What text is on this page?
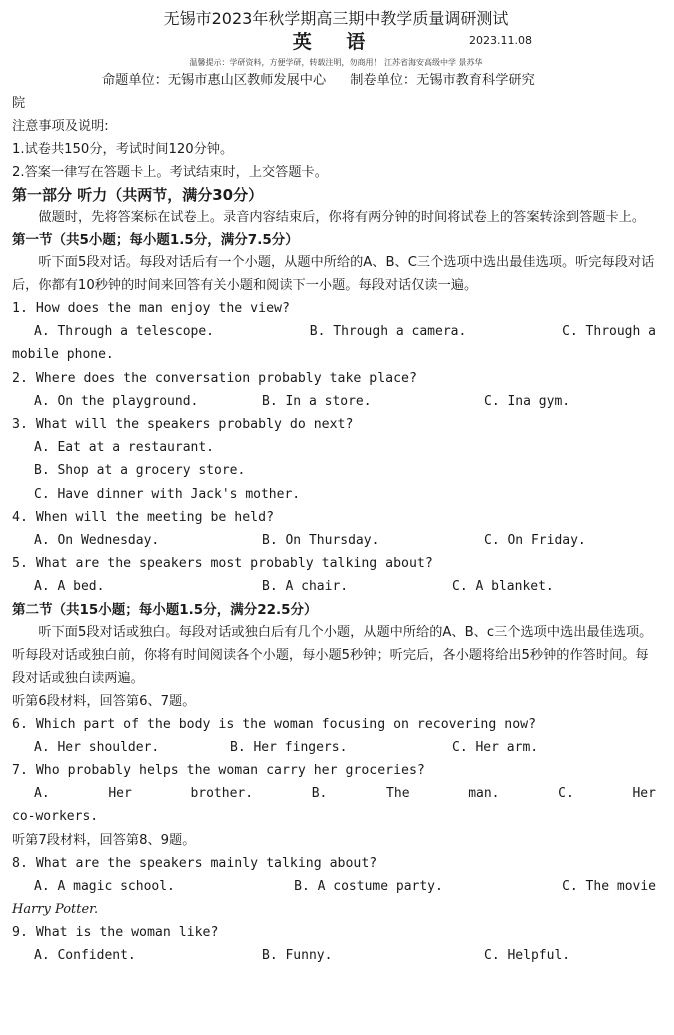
无锡市2023年秋学期高三期中教学质量调研测试
英 语	2023.11.08
温馨提示：学研资料，方便学研，转载注明，勿商用！ 江苏省海安高级中学 景苏华
命题单位：无锡市惠山区教师发展中心 制卷单位：无锡市教育科学研究

院

注意事项及说明:

1.试卷共150分，考试时间120分钟。

2.答案一律写在答题卡上。考试结束时，上交答题卡。

第一部分 听力（共两节，满分30分）

做题时，先将答案标在试卷上。录音内容结束后，你将有两分钟的时间将试卷上的答案转涂到答题卡上。

第一节（共5小题；每小题1.5分，满分7.5分）

听下面5段对话。每段对话后有一个小题，从题中所给的A、B、C三个选项中选出最佳选项。听完每段对话后，你都有10秒钟的时间来回答有关小题和阅读下一小题。每段对话仅读一遍。

1. How does the man enjoy the view?

A. Through a telescope.	B. Through a camera.	C. Through a

mobile phone.

2. Where does the conversation probably take place?

A. On the playground.	B. In a store.	C. Ina gym.

3. What will the speakers probably do next?

A. Eat at a restaurant.

B. Shop at a grocery store.

C. Have dinner with Jack's mother.

4. When will the meeting be held?

A. On Wednesday.	B. On Thursday.	C. On Friday.

5. What are the speakers most probably talking about?

A. A bed.	B. A chair.	C. A blanket.

第二节（共15小题；每小题1.5分，满分22.5分）

听下面5段对话或独白。每段对话或独白后有几个小题，从题中所给的A、B、c三个选项中选出最佳选项。听每段对话或独白前，你将有时间阅读各个小题，每小题5秒钟；听完后，各小题将给出5秒钟的作答时间。每段对话或独白读两遍。

听第6段材料，回答第6、7题。

6. Which part of the body is the woman focusing on recovering now?

A. Her shoulder.	B. Her fingers.	C. Her arm.

7. Who probably helps the woman carry her groceries?

A.	Her	brother.	B.	The	man.	C.	Her

co-workers.

听第7段材料，回答第8、9题。

8. What are the speakers mainly talking about?

A. A magic school.	B. A costume party.	C. The movie

Harry Potter.

9. What is the woman like?

A. Confident.	B. Funny.	C. Helpful.
